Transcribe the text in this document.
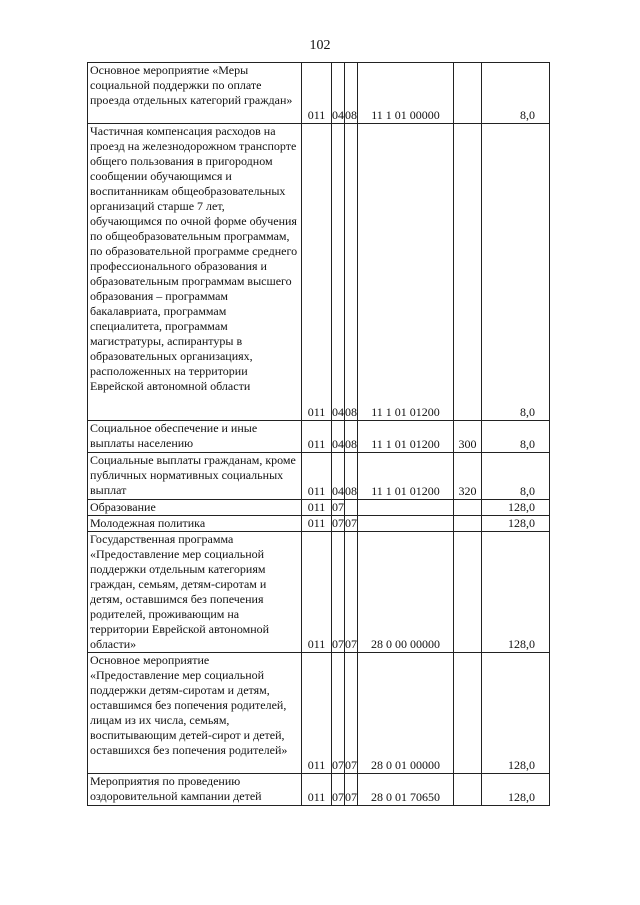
102
Основное мероприятие «Меры социальной поддержки по оплате проезда отдельных категорий граждан»	011	04	08	11 1 01 00000		8,0
Частичная компенсация расходов на проезд на железнодорожном транспорте общего пользования в пригородном сообщении обучающимся и воспитанникам общеобразовательных организаций старше 7 лет, обучающимся по очной форме обучения по общеобразовательным программам, по образовательной программе среднего профессионального образования и образовательным программам высшего образования – программам бакалавриата, программам специалитета, программам магистратуры, аспирантуры в образовательных организациях, расположенных на территории Еврейской автономной области	011	04	08	11 1 01 01200		8,0
Социальное обеспечение и иные выплаты населению	011	04	08	11 1 01 01200	300	8,0
Социальные выплаты гражданам, кроме публичных нормативных социальных выплат	011	04	08	11 1 01 01200	320	8,0
Образование	011	07				128,0
Молодежная политика	011	07	07			128,0
Государственная программа «Предоставление мер социальной поддержки отдельным категориям граждан, семьям, детям-сиротам и детям, оставшимся без попечения родителей, проживающим на территории Еврейской автономной области»	011	07	07	28 0 00 00000		128,0
Основное мероприятие «Предоставление мер социальной поддержки детям-сиротам и детям, оставшимся без попечения родителей, лицам из их числа, семьям, воспитывающим детей-сирот и детей, оставшихся без попечения родителей»	011	07	07	28 0 01 00000		128,0
Мероприятия по проведению оздоровительной кампании детей	011	07	07	28 0 01 70650		128,0
